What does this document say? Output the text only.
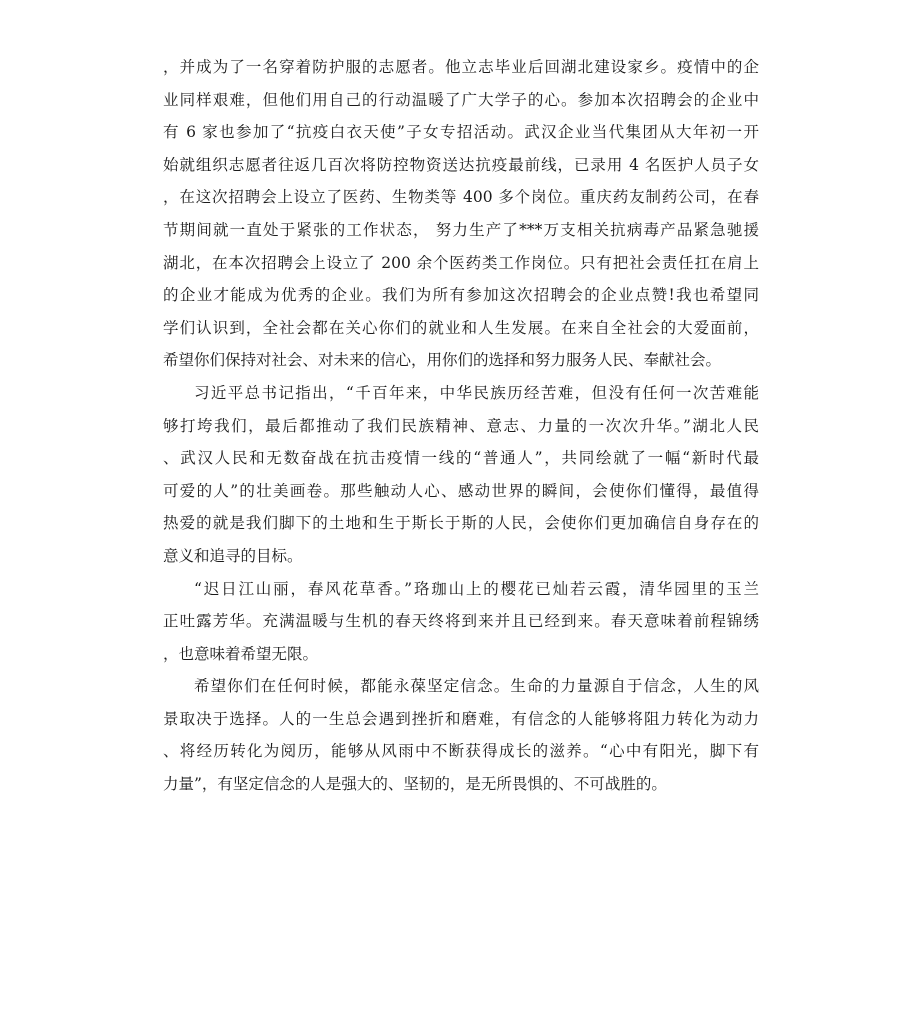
，并成为了一名穿着防护服的志愿者。他立志毕业后回湖北建设家乡。疫情中的企
业同样艰难，但他们用自己的行动温暖了广大学子的心。参加本次招聘会的企业中
有 6 家也参加了“抗疫白衣天使”子女专招活动。武汉企业当代集团从大年初一开
始就组织志愿者往返几百次将防控物资送达抗疫最前线，已录用 4 名医护人员子女
，在这次招聘会上设立了医药、生物类等 400 多个岗位。重庆药友制药公司，在春
节期间就一直处于紧张的工作状态， 努力生产了***万支相关抗病毒产品紧急驰援
湖北，在本次招聘会上设立了 200 余个医药类工作岗位。只有把社会责任扛在肩上
的企业才能成为优秀的企业。我们为所有参加这次招聘会的企业点赞!我也希望同
学们认识到，全社会都在关心你们的就业和人生发展。在来自全社会的大爱面前，
希望你们保持对社会、对未来的信心，用你们的选择和努力服务人民、奉献社会。
习近平总书记指出，“千百年来，中华民族历经苦难，但没有任何一次苦难能
够打垮我们，最后都推动了我们民族精神、意志、力量的一次次升华。”湖北人民
、武汉人民和无数奋战在抗击疫情一线的“普通人”，共同绘就了一幅“新时代最
可爱的人”的壮美画卷。那些触动人心、感动世界的瞬间，会使你们懂得，最值得
热爱的就是我们脚下的土地和生于斯长于斯的人民，会使你们更加确信自身存在的
意义和追寻的目标。
“迟日江山丽，春风花草香。”珞珈山上的樱花已灿若云霞，清华园里的玉兰
正吐露芳华。充满温暖与生机的春天终将到来并且已经到来。春天意味着前程锦绣
，也意味着希望无限。
希望你们在任何时候，都能永葆坚定信念。生命的力量源自于信念，人生的风
景取决于选择。人的一生总会遇到挫折和磨难，有信念的人能够将阻力转化为动力
、将经历转化为阅历，能够从风雨中不断获得成长的滋养。“心中有阳光，脚下有
力量”，有坚定信念的人是强大的、坚韧的，是无所畏惧的、不可战胜的。
